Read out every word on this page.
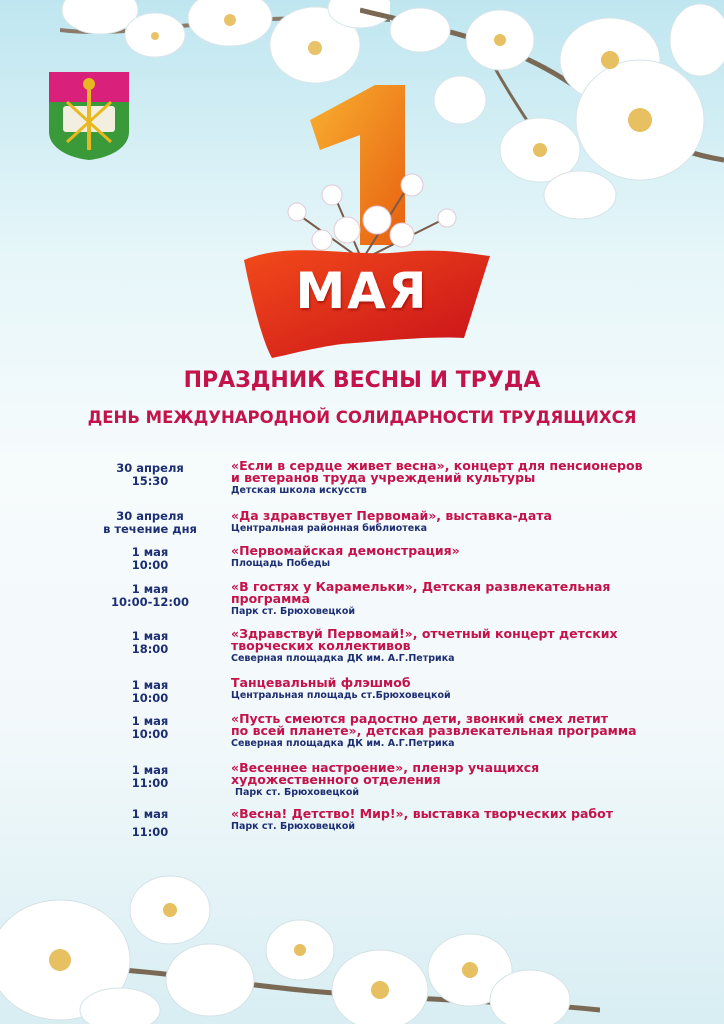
МАЯ
ПРАЗДНИК ВЕСНЫ И ТРУДА
ДЕНЬ МЕЖДУНАРОДНОЙ СОЛИДАРНОСТИ ТРУДЯЩИХСЯ
30 апреля
15:30
«Если в сердце живет весна», концерт для пенсионеров
и ветеранов труда учреждений культуры
Детская школа искусств
30 апреля
в течение дня
«Да здравствует Первомай», выставка-дата
Центральная районная библиотека
1 мая
10:00
«Первомайская демонстрация»
Площадь Победы
1 мая
10:00-12:00
«В гостях у Карамельки», Детская развлекательная
программа
Парк ст. Брюховецкой
1 мая
18:00
«Здравствуй Первомай!», отчетный концерт детских
творческих коллективов
Северная площадка ДК им. А.Г.Петрика
1 мая
10:00
Танцевальный флэшмоб
Центральная площадь ст.Брюховецкой
1 мая
10:00
«Пусть смеются радостно дети, звонкий смех летит
по всей планете», детская развлекательная программа
Северная площадка ДК им. А.Г.Петрика
1 мая
11:00
«Весеннее настроение», пленэр учащихся
художественного отделения
Парк ст. Брюховецкой
1 мая
11:00
«Весна! Детство! Мир!», выставка творческих работ
Парк ст. Брюховецкой
